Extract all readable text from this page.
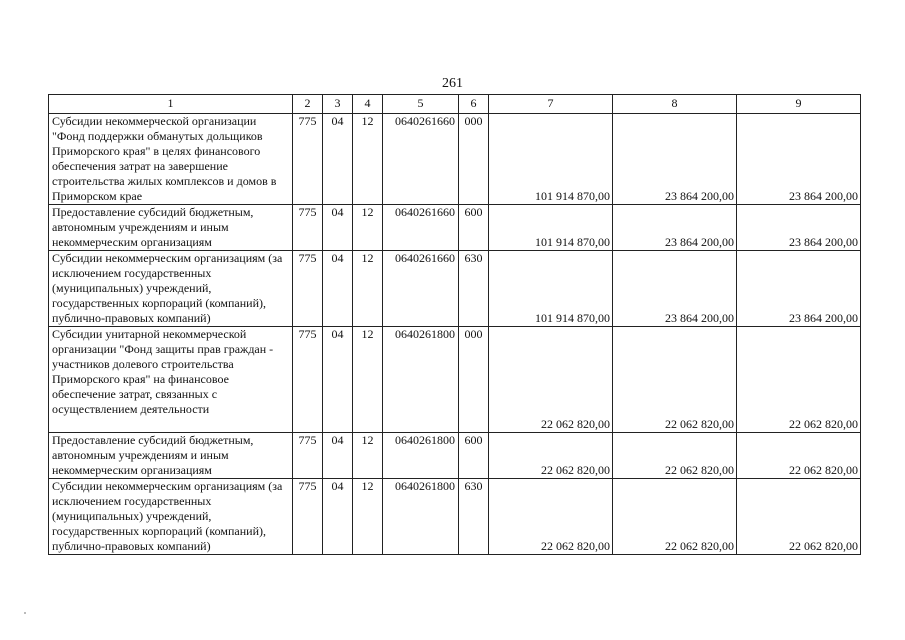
261
1	2	3	4	5	6	7	8	9
Субсидии некоммерческой организации "Фонд поддержки обманутых дольщиков Приморского края" в целях финансового обеспечения затрат на завершение строительства жилых комплексов и домов в Приморском крае	775	04	12	0640261660	000	101 914 870,00	23 864 200,00	23 864 200,00
Предоставление субсидий бюджетным, автономным учреждениям и иным некоммерческим организациям	775	04	12	0640261660	600	101 914 870,00	23 864 200,00	23 864 200,00
Субсидии некоммерческим организациям (за исключением государственных (муниципальных) учреждений, государственных корпораций (компаний), публично-правовых компаний)	775	04	12	0640261660	630	101 914 870,00	23 864 200,00	23 864 200,00
Субсидии унитарной некоммерческой организации "Фонд защиты прав граждан - участников долевого строительства Приморского края" на финансовое обеспечение затрат, связанных с осуществлением деятельности	775	04	12	0640261800	000	22 062 820,00	22 062 820,00	22 062 820,00
Предоставление субсидий бюджетным, автономным учреждениям и иным некоммерческим организациям	775	04	12	0640261800	600	22 062 820,00	22 062 820,00	22 062 820,00
Субсидии некоммерческим организациям (за исключением государственных (муниципальных) учреждений, государственных корпораций (компаний), публично-правовых компаний)	775	04	12	0640261800	630	22 062 820,00	22 062 820,00	22 062 820,00
